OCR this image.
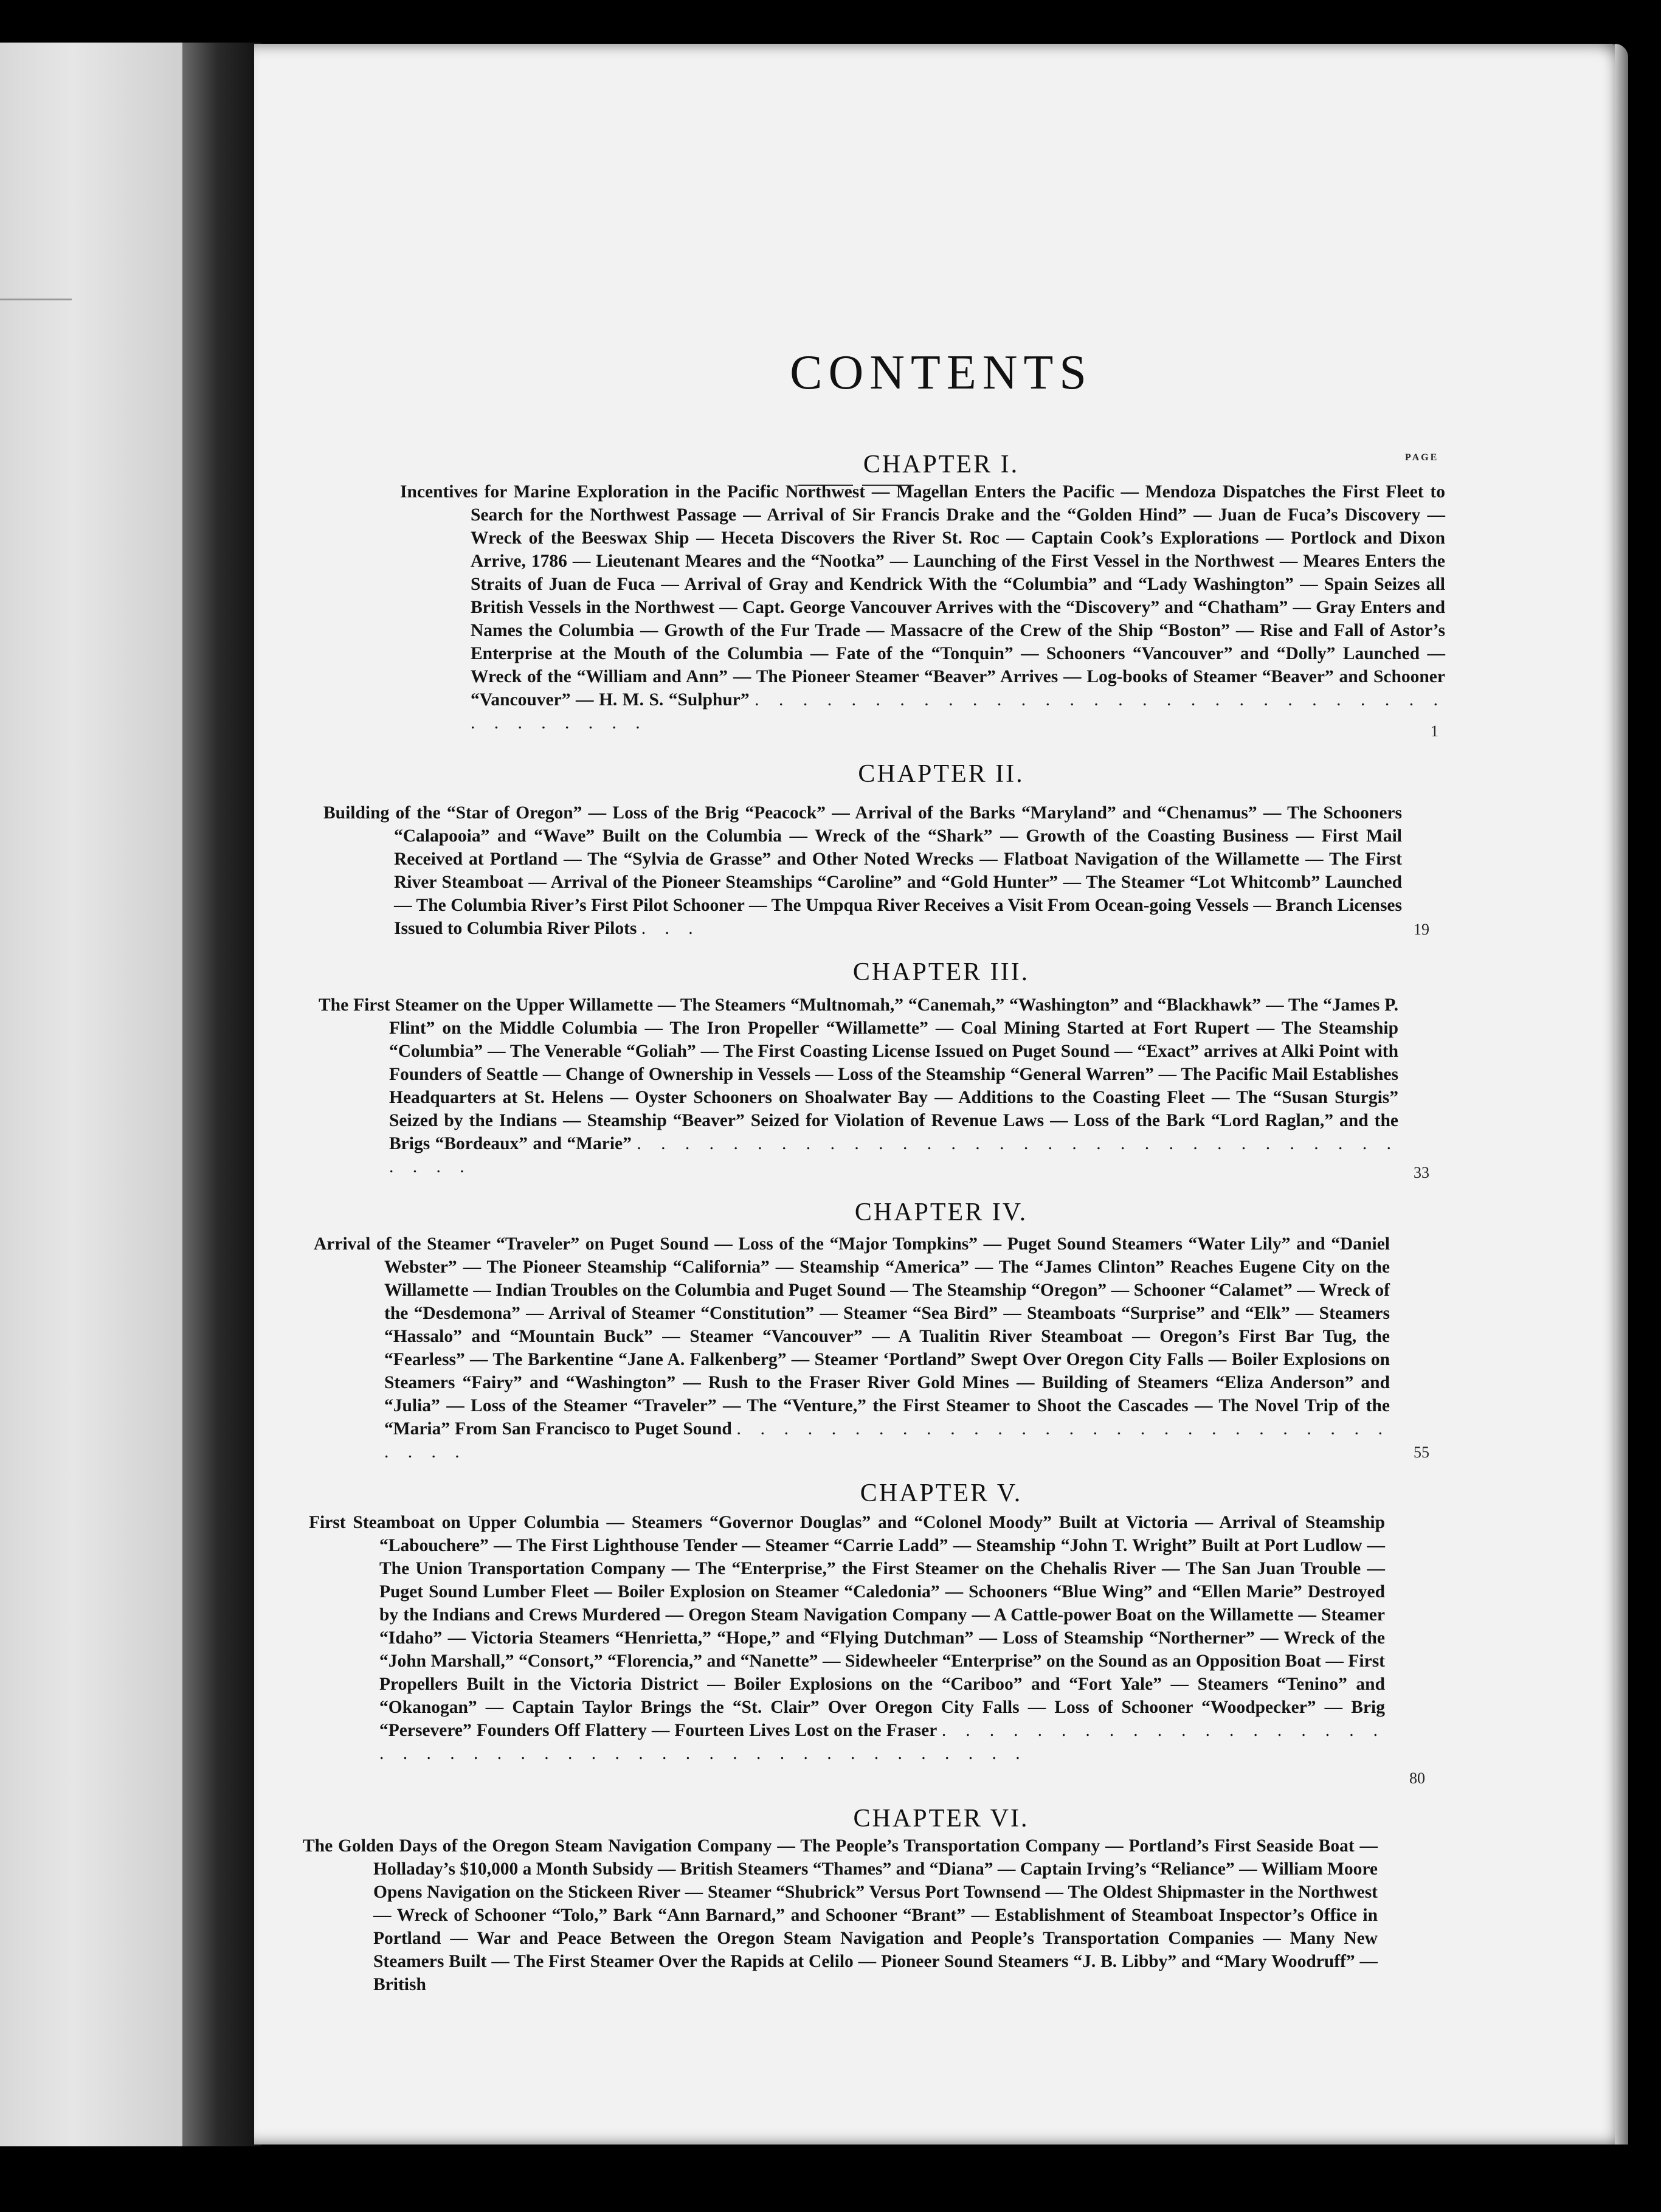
CONTENTS
PAGE
CHAPTER I.
Incentives for Marine Exploration in the Pacific Northwest — Magellan Enters the Pacific — Mendoza Dispatches the First Fleet to Search for the Northwest Passage — Arrival of Sir Francis Drake and the “Golden Hind” — Juan de Fuca’s Discovery — Wreck of the Beeswax Ship — Heceta Discovers the River St. Roc — Captain Cook’s Explorations — Portlock and Dixon Arrive, 1786 — Lieutenant Meares and the “Nootka” — Launching of the First Vessel in the Northwest — Meares Enters the Straits of Juan de Fuca — Arrival of Gray and Kendrick With the “Columbia” and “Lady Washington” — Spain Seizes all British Vessels in the Northwest — Capt. George Vancouver Arrives with the “Discovery” and “Chatham” — Gray Enters and Names the Columbia — Growth of the Fur Trade — Massacre of the Crew of the Ship “Boston” — Rise and Fall of Astor’s Enterprise at the Mouth of the Columbia — Fate of the “Tonquin” — Schooners “Vancouver” and “Dolly” Launched — Wreck of the “William and Ann” — The Pioneer Steamer “Beaver” Arrives — Log-books of Steamer “Beaver” and Schooner “Vancouver” — H. M. S. “Sulphur” . . . . . . . . . . . . . . . . . . . . . . . . . . . . . . . . . . . . .	1
CHAPTER II.
Building of the “Star of Oregon” — Loss of the Brig “Peacock” — Arrival of the Barks “Maryland” and “Chenamus” — The Schooners “Calapooia” and “Wave” Built on the Columbia — Wreck of the “Shark” — Growth of the Coasting Business — First Mail Received at Portland — The “Sylvia de Grasse” and Other Noted Wrecks — Flatboat Navigation of the Willamette — The First River Steamboat — Arrival of the Pioneer Steamships “Caroline” and “Gold Hunter” — The Steamer “Lot Whitcomb” Launched — The Columbia River’s First Pilot Schooner — The Umpqua River Receives a Visit From Ocean-going Vessels — Branch Licenses Issued to Columbia River Pilots . . .	19
CHAPTER III.
The First Steamer on the Upper Willamette — The Steamers “Multnomah,” “Canemah,” “Washington” and “Blackhawk” — The “James P. Flint” on the Middle Columbia — The Iron Propeller “Willamette” — Coal Mining Started at Fort Rupert — The Steamship “Columbia” — The Venerable “Goliah” — The First Coasting License Issued on Puget Sound — “Exact” arrives at Alki Point with Founders of Seattle — Change of Ownership in Vessels — Loss of the Steamship “General Warren” — The Pacific Mail Establishes Headquarters at St. Helens — Oyster Schooners on Shoalwater Bay — Additions to the Coasting Fleet — The “Susan Sturgis” Seized by the Indians — Steamship “Beaver” Seized for Violation of Revenue Laws — Loss of the Bark “Lord Raglan,” and the Brigs “Bordeaux” and “Marie” . . . . . . . . . . . . . . . . . . . . . . . . . . . . . . . . . . . .	33
CHAPTER IV.
Arrival of the Steamer “Traveler” on Puget Sound — Loss of the “Major Tompkins” — Puget Sound Steamers “Water Lily” and “Daniel Webster” — The Pioneer Steamship “California” — Steamship “America” — The “James Clinton” Reaches Eugene City on the Willamette — Indian Troubles on the Columbia and Puget Sound — The Steamship “Oregon” — Schooner “Calamet” — Wreck of the “Desdemona” — Arrival of Steamer “Constitution” — Steamer “Sea Bird” — Steamboats “Surprise” and “Elk” — Steamers “Hassalo” and “Mountain Buck” — Steamer “Vancouver” — A Tualitin River Steamboat — Oregon’s First Bar Tug, the “Fearless” — The Barkentine “Jane A. Falkenberg” — Steamer ‘Portland” Swept Over Oregon City Falls — Boiler Explosions on Steamers “Fairy” and “Washington” — Rush to the Fraser River Gold Mines — Building of Steamers “Eliza Anderson” and “Julia” — Loss of the Steamer “Traveler” — The “Venture,” the First Steamer to Shoot the Cascades — The Novel Trip of the “Maria” From San Francisco to Puget Sound . . . . . . . . . . . . . . . . . . . . . . . . . . . . . . . .	55
CHAPTER V.
First Steamboat on Upper Columbia — Steamers “Governor Douglas” and “Colonel Moody” Built at Victoria — Arrival of Steamship “Labouchere” — The First Lighthouse Tender — Steamer “Carrie Ladd” — Steamship “John T. Wright” Built at Port Ludlow — The Union Transportation Company — The “Enterprise,” the First Steamer on the Chehalis River — The San Juan Trouble — Puget Sound Lumber Fleet — Boiler Explosion on Steamer “Caledonia” — Schooners “Blue Wing” and “Ellen Marie” Destroyed by the Indians and Crews Murdered — Oregon Steam Navigation Company — A Cattle-power Boat on the Willamette — Steamer “Idaho” — Victoria Steamers “Henrietta,” “Hope,” and “Flying Dutchman” — Loss of Steamship “Northerner” — Wreck of the “John Marshall,” “Consort,” “Florencia,” and “Nanette” — Sidewheeler “Enterprise” on the Sound as an Opposition Boat — First Propellers Built in the Victoria District — Boiler Explosions on the “Cariboo” and “Fort Yale” — Steamers “Tenino” and “Okanogan” — Captain Taylor Brings the “St. Clair” Over Oregon City Falls — Loss of Schooner “Woodpecker” — Brig “Persevere” Founders Off Flattery — Fourteen Lives Lost on the Fraser . . . . . . . . . . . . . . . . . . . . . . . . . . . . . . . . . . . . . . . . . . . . . . .
80
CHAPTER VI.
The Golden Days of the Oregon Steam Navigation Company — The People’s Transportation Company — Portland’s First Seaside Boat — Holladay’s $10,000 a Month Subsidy — British Steamers “Thames” and “Diana” — Captain Irving’s “Reliance” — William Moore Opens Navigation on the Stickeen River — Steamer “Shubrick” Versus Port Townsend — The Oldest Shipmaster in the Northwest — Wreck of Schooner “Tolo,” Bark “Ann Barnard,” and Schooner “Brant” — Establishment of Steamboat Inspector’s Office in Portland — War and Peace Between the Oregon Steam Navigation and People’s Transportation Companies — Many New Steamers Built — The First Steamer Over the Rapids at Celilo — Pioneer Sound Steamers “J. B. Libby” and “Mary Woodruff” — British
